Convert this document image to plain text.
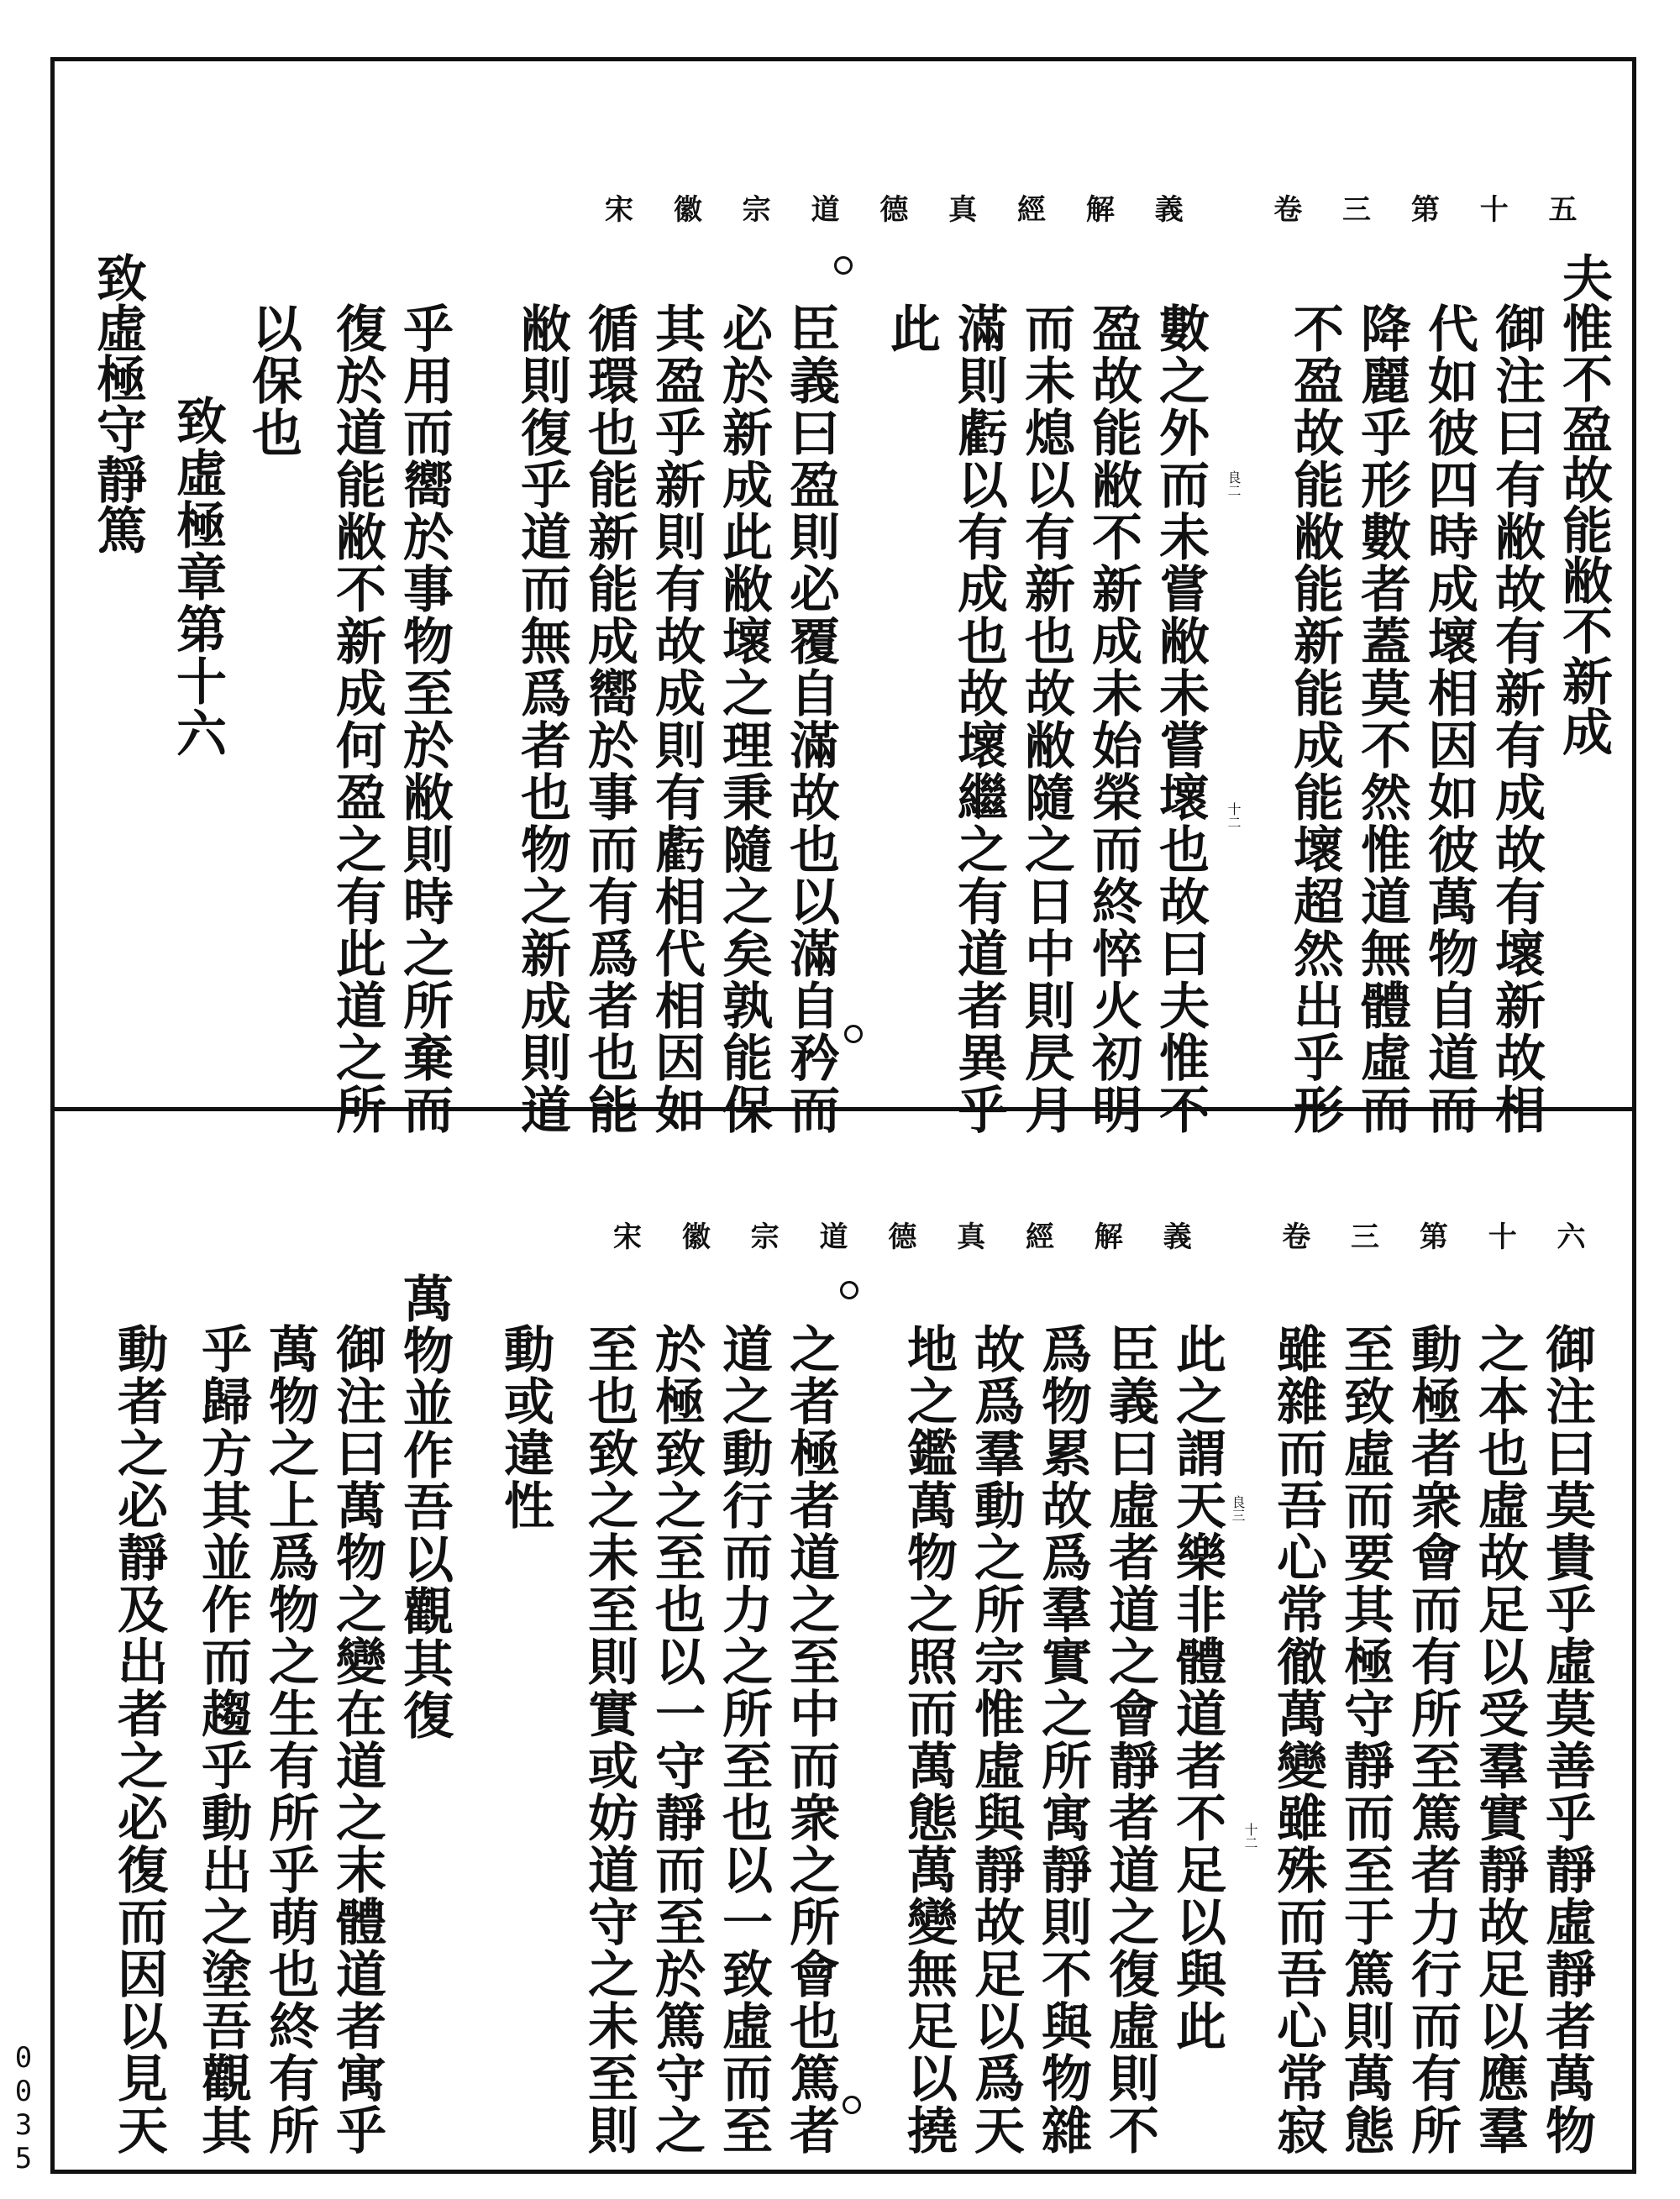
宋 徽 宗 道 德 真 經 解 義   卷 三 第 十 五
良二
十二
夫惟不盈故能敝不新成
御注曰有敝故有新有成故有壞新故相
代如彼四時成壞相因如彼萬物自道而
降麗乎形數者蓋莫不然惟道無體虛而
不盈故能敝能新能成能壞超然出乎形
數之外而未嘗敝未嘗壞也故曰夫惟不
盈故能敝不新成未始榮而終悴火初明
而未熄以有新也故敝隨之日中則昃月
滿則虧以有成也故壞繼之有道者異乎
此
臣義曰盈則必覆自滿故也以滿自矜而
必於新成此敝壞之理秉隨之矣孰能保
其盈乎新則有故成則有虧相代相因如
循環也能新能成嚮於事而有爲者也能
敝則復乎道而無爲者也物之新成則道
乎用而嚮於事物至於敝則時之所棄而
復於道能敝不新成何盈之有此道之所
以保也
致虛極章第十六
致虛極守靜篤
宋 徽 宗 道 德 真 經 解 義   卷 三 第 十 六
良三
十二	御注曰莫貴乎虛莫善乎靜虛靜者萬物
之本也虛故足以受羣實靜故足以應羣
動極者衆會而有所至篤者力行而有所
至致虛而要其極守靜而至于篤則萬態
雖雜而吾心常徹萬變雖殊而吾心常寂
此之謂天樂非體道者不足以與此
臣義曰虛者道之會靜者道之復虛則不
爲物累故爲羣實之所寓靜則不與物雜
故爲羣動之所宗惟虛與靜故足以爲天
地之鑑萬物之照而萬態萬變無足以撓
之者極者道之至中而衆之所會也篤者
道之動行而力之所至也以一致虛而至
於極致之至也以一守靜而至於篤守之
至也致之未至則實或妨道守之未至則
動或違性
萬物並作吾以觀其復
御注曰萬物之變在道之末體道者寓乎
萬物之上爲物之生有所乎萌也終有所
乎歸方其並作而趨乎動出之塗吾觀其
動者之必靜及出者之必復而因以見天
0035
